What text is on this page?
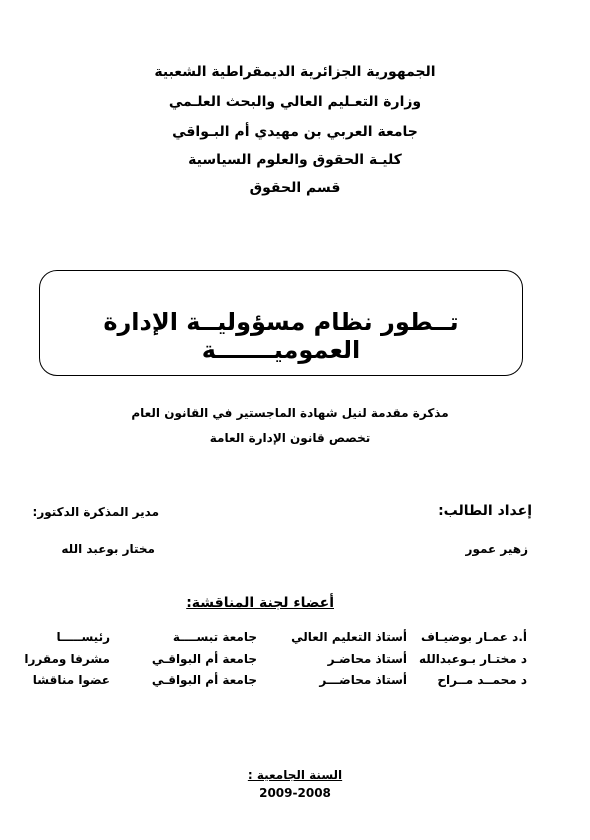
الجمهورية الجزائرية الديمقراطية الشعبية
وزارة التعـليم العالي والبحث العلـمي
جامعة العربي بن مهيدي أم البـواقي
كليـة الحقوق والعلوم السياسية
قسم الحقوق
تــطور نظام مسؤوليــة الإدارة العموميـــــــة
مذكرة مقدمة لنيل شهادة الماجستير في القانون العام
تخصص قانون الإدارة العامة
إعداد الطالب:
زهير عمور
مدير المذكرة الدكتور:
مختار بوعبد الله
أعضاء لجنة المناقشة:
أ.د عمـار بوضيـاف
أستاذ التعليم العالي
جامعة تبســــة
رئيســـــا
د مختـار بـوعبدالله
أستاذ محاضـر
جامعة أم البواقـي
مشرفا ومقررا
د محمــد مــراح
أستاذ محاضـــر
جامعة أم البواقـي
عضوا مناقشا
السنة الجامعية :
2009-2008
